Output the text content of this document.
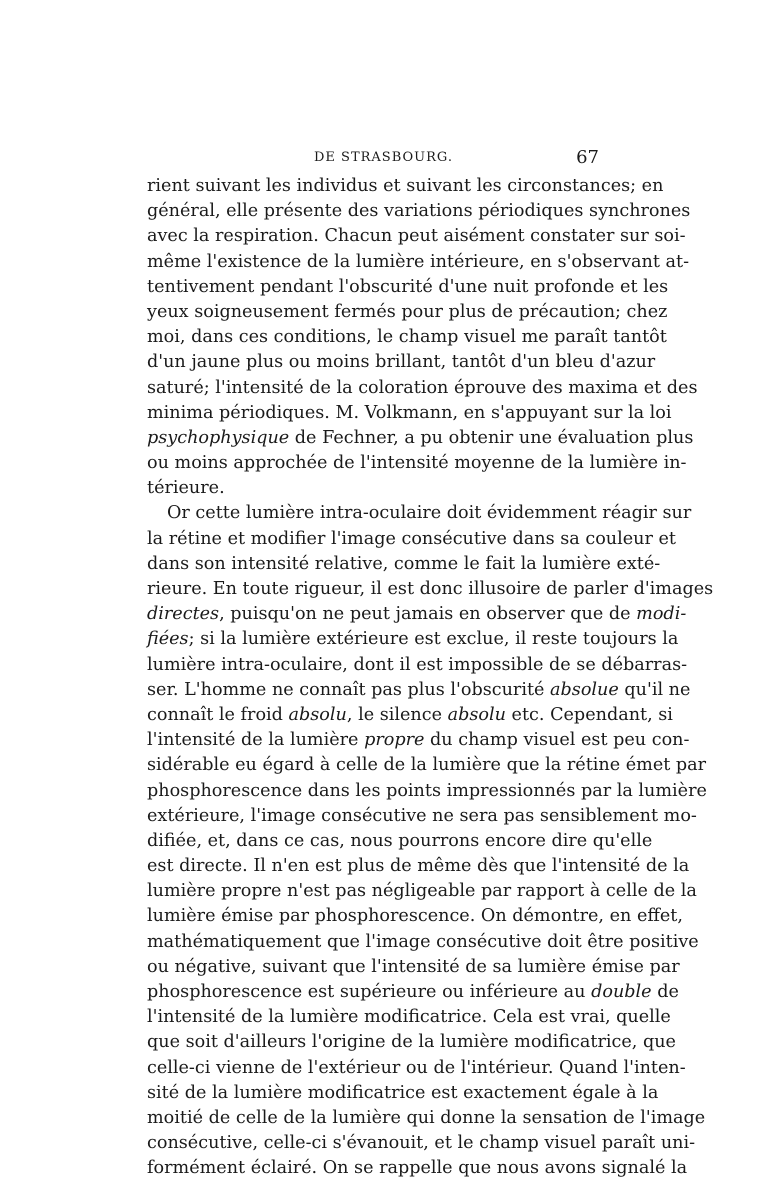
DE STRASBOURG.	67
rient suivant les individus et suivant les circonstances; en
général, elle présente des variations périodiques synchrones
avec la respiration. Chacun peut aisément constater sur soi-
même l'existence de la lumière intérieure, en s'observant at-
tentivement pendant l'obscurité d'une nuit profonde et les
yeux soigneusement fermés pour plus de précaution; chez
moi, dans ces conditions, le champ visuel me paraît tantôt
d'un jaune plus ou moins brillant, tantôt d'un bleu d'azur
saturé; l'intensité de la coloration éprouve des maxima et des
minima périodiques. M. Volkmann, en s'appuyant sur la loi
psychophysique de Fechner, a pu obtenir une évaluation plus
ou moins approchée de l'intensité moyenne de la lumière in-
térieure.
Or cette lumière intra-oculaire doit évidemment réagir sur
la rétine et modifier l'image consécutive dans sa couleur et
dans son intensité relative, comme le fait la lumière exté-
rieure. En toute rigueur, il est donc illusoire de parler d'images
directes, puisqu'on ne peut jamais en observer que de modi-
fiées; si la lumière extérieure est exclue, il reste toujours la
lumière intra-oculaire, dont il est impossible de se débarras-
ser. L'homme ne connaît pas plus l'obscurité absolue qu'il ne
connaît le froid absolu, le silence absolu etc. Cependant, si
l'intensité de la lumière propre du champ visuel est peu con-
sidérable eu égard à celle de la lumière que la rétine émet par
phosphorescence dans les points impressionnés par la lumière
extérieure, l'image consécutive ne sera pas sensiblement mo-
difiée, et, dans ce cas, nous pourrons encore dire qu'elle
est directe. Il n'en est plus de même dès que l'intensité de la
lumière propre n'est pas négligeable par rapport à celle de la
lumière émise par phosphorescence. On démontre, en effet,
mathématiquement que l'image consécutive doit être positive
ou négative, suivant que l'intensité de sa lumière émise par
phosphorescence est supérieure ou inférieure au double de
l'intensité de la lumière modificatrice. Cela est vrai, quelle
que soit d'ailleurs l'origine de la lumière modificatrice, que
celle-ci vienne de l'extérieur ou de l'intérieur. Quand l'inten-
sité de la lumière modificatrice est exactement égale à la
moitié de celle de la lumière qui donne la sensation de l'image
consécutive, celle-ci s'évanouit, et le champ visuel paraît uni-
formément éclairé. On se rappelle que nous avons signalé la
